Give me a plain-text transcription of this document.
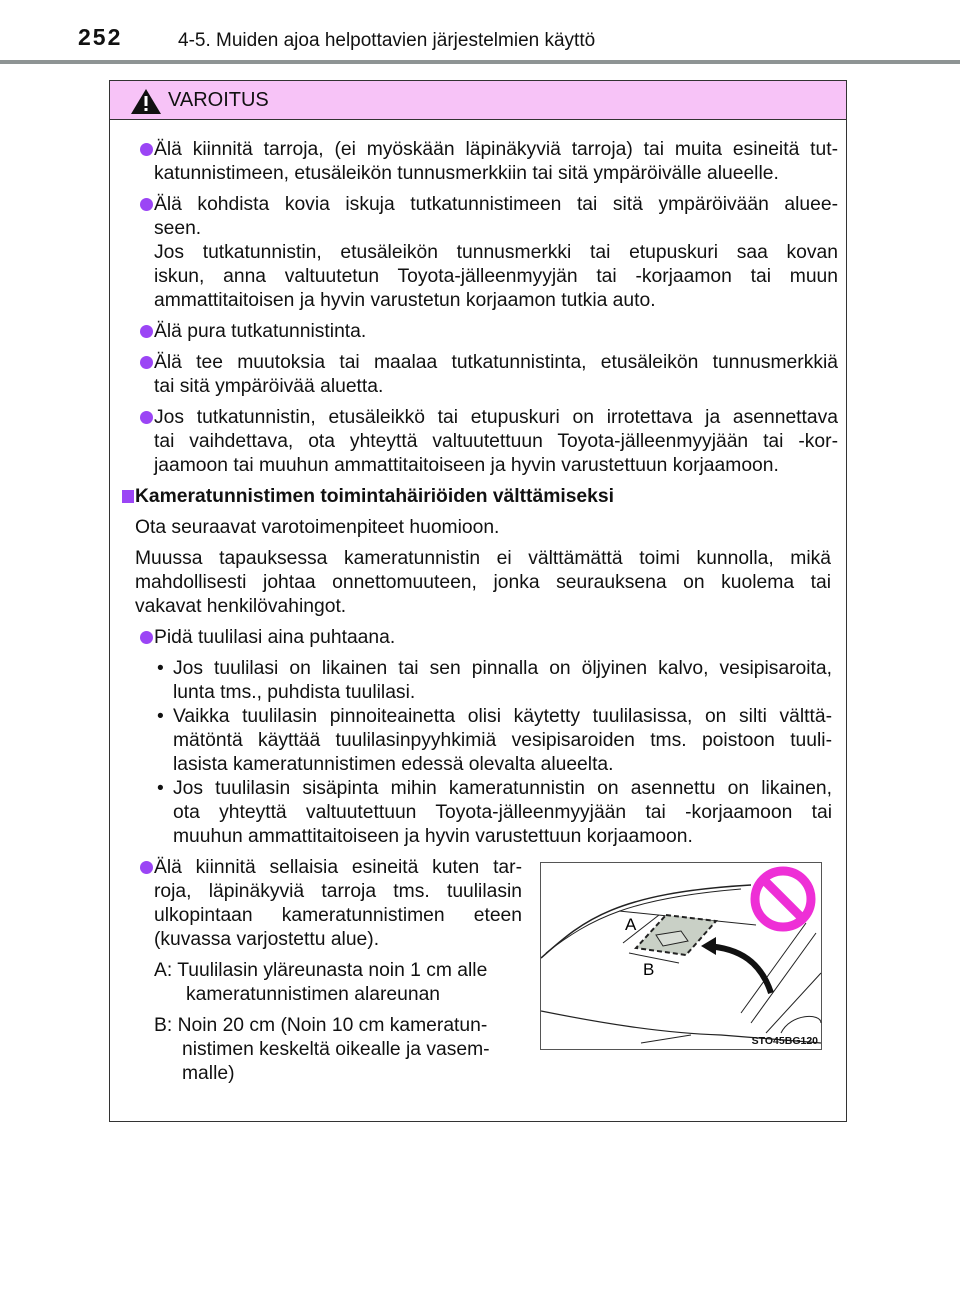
252	4-5. Muiden ajoa helpottavien järjestelmien käyttö
VAROITUS
Älä kiinnitä tarroja, (ei myöskään läpinäkyviä tarroja) tai muita esineitä tut-
katunnistimeen, etusäleikön tunnusmerkkiin tai sitä ympäröivälle alueelle.
Älä kohdista kovia iskuja tutkatunnistimeen tai sitä ympäröivään aluee-
seen.
Jos tutkatunnistin, etusäleikön tunnusmerkki tai etupuskuri saa kovan
iskun, anna valtuutetun Toyota-jälleenmyyjän tai -korjaamon tai muun
ammattitaitoisen ja hyvin varustetun korjaamon tutkia auto.
Älä pura tutkatunnistinta.
Älä tee muutoksia tai maalaa tutkatunnistinta, etusäleikön tunnusmerkkiä
tai sitä ympäröivää aluetta.
Jos tutkatunnistin, etusäleikkö tai etupuskuri on irrotettava ja asennettava
tai vaihdettava, ota yhteyttä valtuutettuun Toyota-jälleenmyyjään tai -kor-
jaamoon tai muuhun ammattitaitoiseen ja hyvin varustettuun korjaamoon.
Kameratunnistimen toimintahäiriöiden välttämiseksi
Ota seuraavat varotoimenpiteet huomioon.
Muussa tapauksessa kameratunnistin ei välttämättä toimi kunnolla, mikä
mahdollisesti johtaa onnettomuuteen, jonka seurauksena on kuolema tai
vakavat henkilövahingot.
Pidä tuulilasi aina puhtaana.
• Jos tuulilasi on likainen tai sen pinnalla on öljyinen kalvo, vesipisaroita,
lunta tms., puhdista tuulilasi.
• Vaikka tuulilasin pinnoiteainetta olisi käytetty tuulilasissa, on silti välttä-
mätöntä käyttää tuulilasinpyyhkimiä vesipisaroiden tms. poistoon tuuli-
lasista kameratunnistimen edessä olevalta alueelta.
• Jos tuulilasin sisäpinta mihin kameratunnistin on asennettu on likainen,
ota yhteyttä valtuutettuun Toyota-jälleenmyyjään tai -korjaamoon tai
muuhun ammattitaitoiseen ja hyvin varustettuun korjaamoon.
Älä kiinnitä sellaisia esineitä kuten tar-
roja, läpinäkyviä tarroja tms. tuulilasin
ulkopintaan kameratunnistimen eteen
(kuvassa varjostettu alue).
A: Tuulilasin yläreunasta noin 1 cm alle
kameratunnistimen alareunan
B: Noin 20 cm (Noin 10 cm kameratun-
nistimen keskeltä oikealle ja vasem-
malle)
A
B
STO45BG120
